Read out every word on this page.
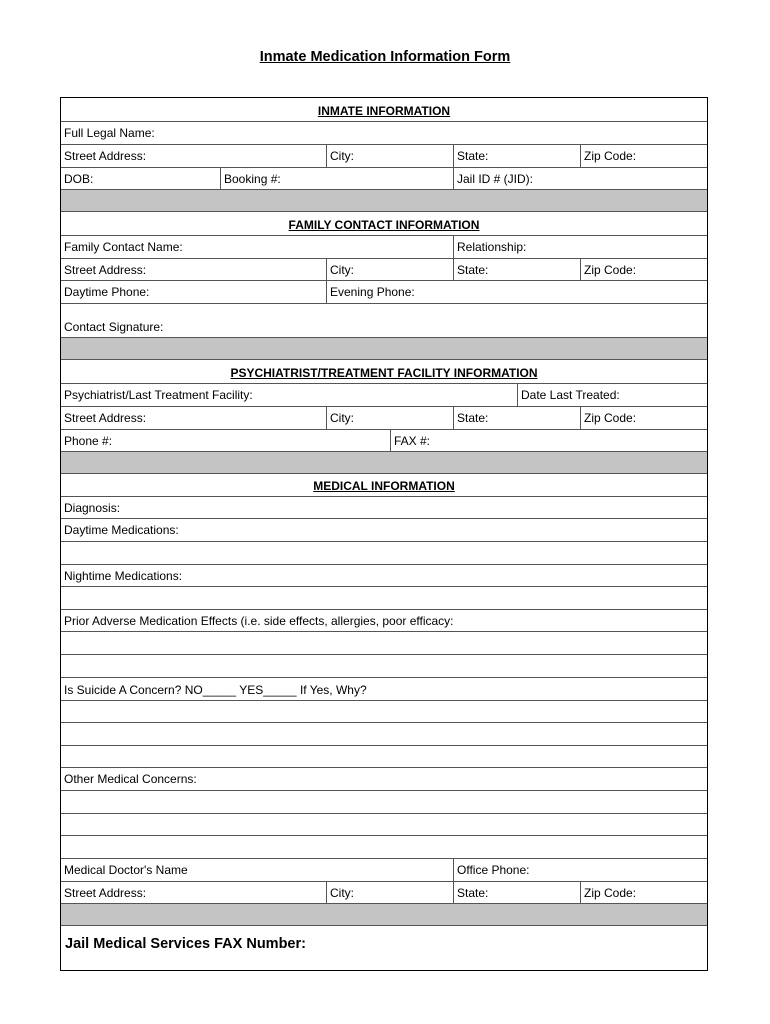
Inmate Medication Information Form
INMATE INFORMATION
Full Legal Name:
Street Address:	City:	State:	Zip Code:
DOB:	Booking #:	Jail ID # (JID):
FAMILY CONTACT INFORMATION
Family Contact Name:	Relationship:
Street Address:	City:	State:	Zip Code:
Daytime Phone:	Evening Phone:
Contact Signature:
PSYCHIATRIST/TREATMENT FACILITY INFORMATION
Psychiatrist/Last Treatment Facility:	Date Last Treated:
Street Address:	City:	State:	Zip Code:
Phone #:	FAX #:
MEDICAL INFORMATION
Diagnosis:
Daytime Medications:
Nightime Medications:
Prior Adverse Medication Effects (i.e. side effects, allergies, poor efficacy:
Is Suicide A Concern? NO_____ YES_____ If Yes, Why?
Other Medical Concerns:
Medical Doctor's Name	Office Phone:
Street Address:	City:	State:	Zip Code:
Jail Medical Services FAX Number:
